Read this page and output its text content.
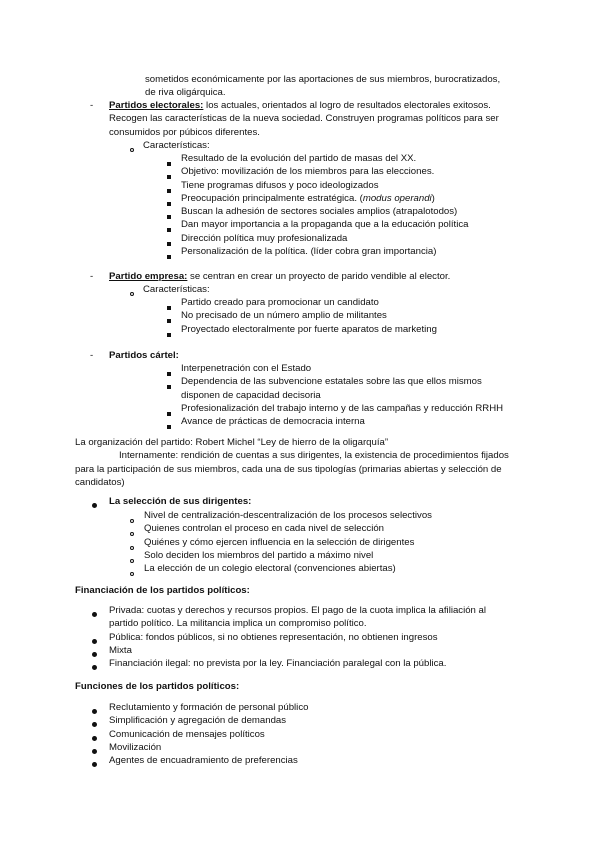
sometidos económicamente por las aportaciones de sus miembros, burocratizados,

de riva oligárquica.

- Partidos electorales: los actuales, orientados al logro de resultados electorales exitosos.

Recogen las características de la nueva sociedad. Construyen programas políticos para ser

consumidos por púbicos diferentes.

Características:
Resultado de la evolución del partido de masas del XX.
Objetivo: movilización de los miembros para las elecciones.
Tiene programas difusos y poco ideologizados
Preocupación principalmente estratégica. (modus operandi)
Buscan la adhesión de sectores sociales amplios (atrapalotodos)
Dan mayor importancia a la propaganda que a la educación política
Dirección política muy profesionalizada
Personalización de la política. (líder cobra gran importancia)
- Partido empresa: se centran en crear un proyecto de parido vendible al elector.

Características:
Partido creado para promocionar un candidato
No precisado de un número amplio de militantes
Proyectado electoralmente por fuerte aparatos de marketing
- Partidos cártel:
Interpenetración con el Estado
Dependencia de las subvencione estatales sobre las que ellos mismos
disponen de capacidad decisoria
Profesionalización del trabajo interno y de las campañas y reducción RRHH
Avance de prácticas de democracia interna

La organización del partido: Robert Michel “Ley de hierro de la oligarquía”

Internamente: rendición de cuentas a sus dirigentes, la existencia de procedimientos fijados

para la participación de sus miembros, cada una de sus tipologías (primarias abiertas y selección de

candidatos)

La selección de sus dirigentes:
Nivel de centralización-descentralización de los procesos selectivos
Quienes controlan el proceso en cada nivel de selección
Quiénes y cómo ejercen influencia en la selección de dirigentes
Solo deciden los miembros del partido a máximo nivel
La elección de un colegio electoral (convenciones abiertas)
Financiación de los partidos políticos:
Privada: cuotas y derechos y recursos propios. El pago de la cuota implica la afiliación al
partido político. La militancia implica un compromiso político.
Pública: fondos públicos, si no obtienes representación, no obtienen ingresos
Mixta
Financiación ilegal: no prevista por la ley. Financiación paralegal con la pública.
Funciones de los partidos políticos:
Reclutamiento y formación de personal público
Simplificación y agregación de demandas
Comunicación de mensajes políticos
Movilización
Agentes de encuadramiento de preferencias
